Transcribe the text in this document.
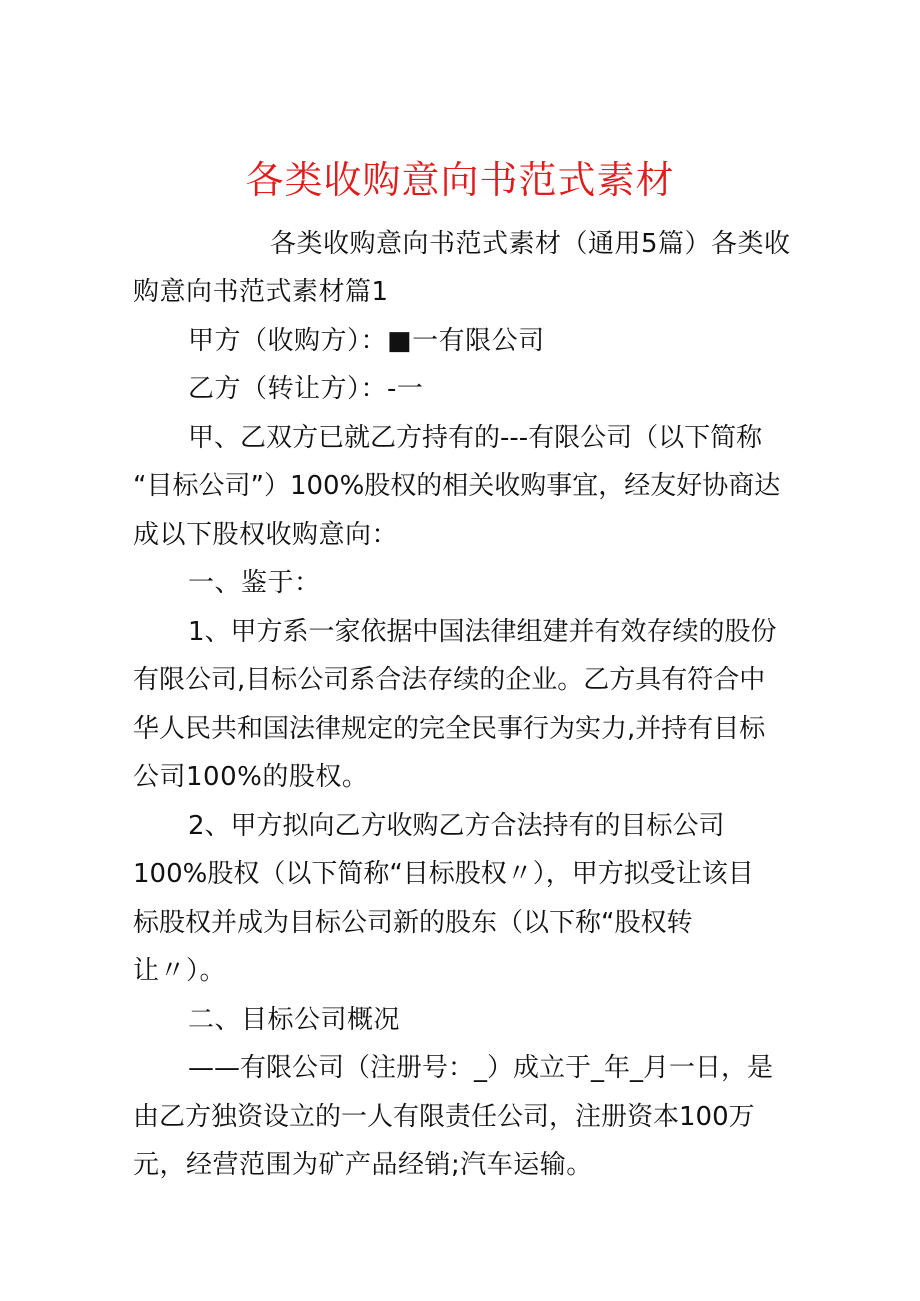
各类收购意向书范式素材
各类收购意向书范式素材（通用5篇）各类收
购意向书范式素材篇1
甲方（收购方）：■一有限公司
乙方（转让方）：-一
甲、乙双方已就乙方持有的---有限公司（以下简称
“目标公司”）100%股权的相关收购事宜，经友好协商达
成以下股权收购意向：
一、鉴于：
1、甲方系一家依据中国法律组建并有效存续的股份
有限公司,目标公司系合法存续的企业。乙方具有符合中
华人民共和国法律规定的完全民事行为实力,并持有目标
公司100%的股权。
2、甲方拟向乙方收购乙方合法持有的目标公司
100%股权（以下简称“目标股权〃），甲方拟受让该目
标股权并成为目标公司新的股东（以下称“股权转
让〃）。
二、目标公司概况
——有限公司（注册号：_）成立于_年_月一日，是
由乙方独资设立的一人有限责任公司，注册资本100万
元，经营范围为矿产品经销;汽车运输。
